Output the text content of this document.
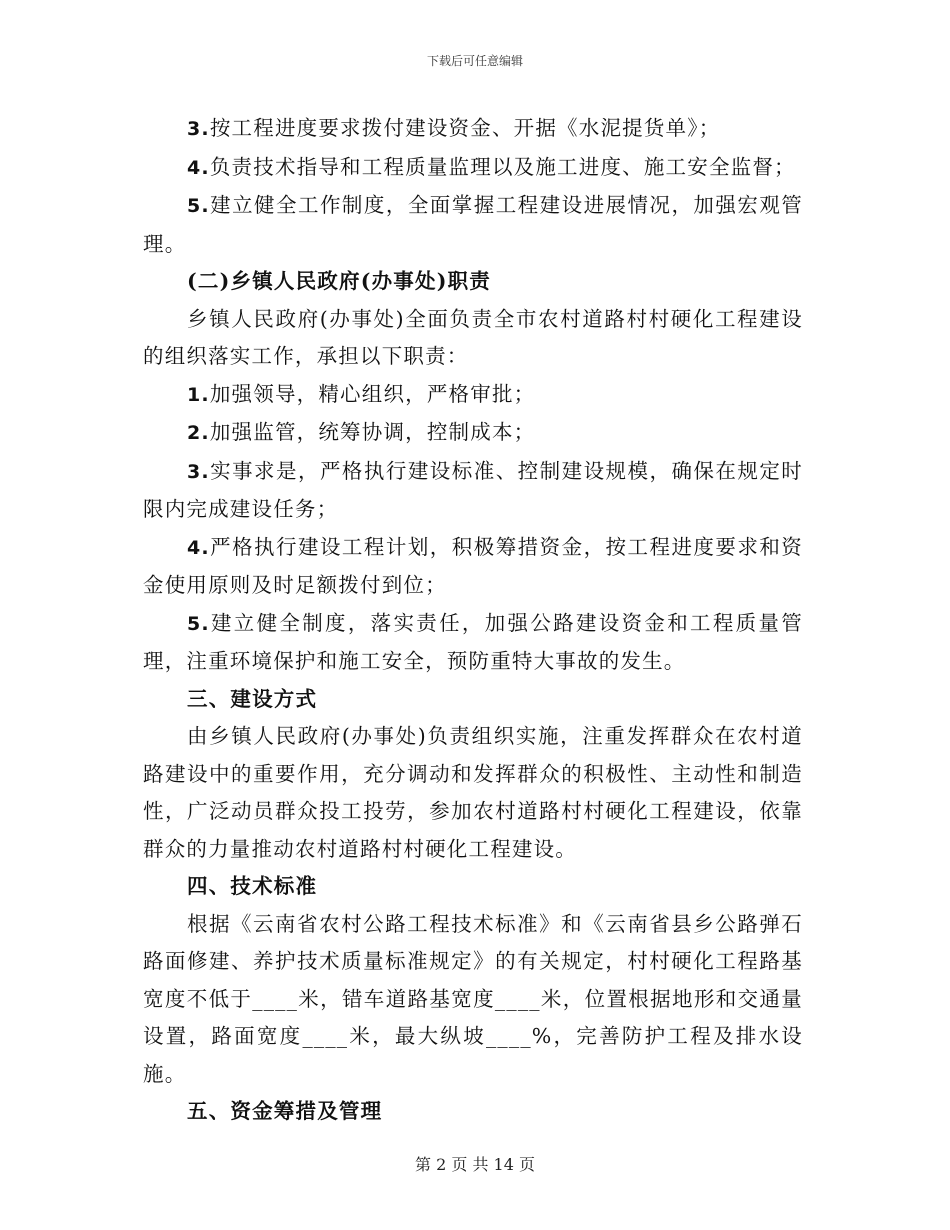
下载后可任意编辑

3.按工程进度要求拨付建设资金、开据《水泥提货单》；

4.负责技术指导和工程质量监理以及施工进度、施工安全监督；

5.建立健全工作制度，全面掌握工程建设进展情况，加强宏观管理。

(二)乡镇人民政府(办事处)职责

乡镇人民政府(办事处)全面负责全市农村道路村村硬化工程建设的组织落实工作，承担以下职责：

1.加强领导，精心组织，严格审批；

2.加强监管，统筹协调，控制成本；

3.实事求是，严格执行建设标准、控制建设规模，确保在规定时限内完成建设任务；

4.严格执行建设工程计划，积极筹措资金，按工程进度要求和资金使用原则及时足额拨付到位；

5.建立健全制度，落实责任，加强公路建设资金和工程质量管理，注重环境保护和施工安全，预防重特大事故的发生。

三、建设方式

由乡镇人民政府(办事处)负责组织实施，注重发挥群众在农村道路建设中的重要作用，充分调动和发挥群众的积极性、主动性和制造性，广泛动员群众投工投劳，参加农村道路村村硬化工程建设，依靠群众的力量推动农村道路村村硬化工程建设。

四、技术标准

根据《云南省农村公路工程技术标准》和《云南省县乡公路弹石路面修建、养护技术质量标准规定》的有关规定，村村硬化工程路基宽度不低于____米，错车道路基宽度____米，位置根据地形和交通量设置，路面宽度____米，最大纵坡____%，完善防护工程及排水设施。

五、资金筹措及管理

第 2 页 共 14 页
